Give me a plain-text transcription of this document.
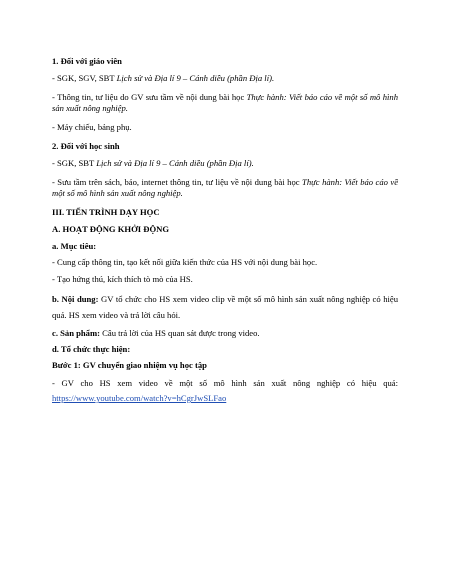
1. Đối với giáo viên

- SGK, SGV, SBT Lịch sử và Địa lí 9 – Cánh diều (phần Địa lí).

- Thông tin, tư liệu do GV sưu tầm về nội dung bài học Thực hành: Viết báo cáo về một số mô hình sản xuất nông nghiệp.

- Máy chiếu, bảng phụ.

2. Đối với học sinh

- SGK, SBT Lịch sử và Địa lí 9 – Cánh diều (phần Địa lí).

- Sưu tầm trên sách, báo, internet thông tin, tư liệu về nội dung bài học Thực hành: Viết báo cáo về một số mô hình sản xuất nông nghiệp.

III. TIẾN TRÌNH DẠY HỌC

A. HOẠT ĐỘNG KHỞI ĐỘNG

a. Mục tiêu:

- Cung cấp thông tin, tạo kết nối giữa kiến thức của HS với nội dung bài học.

- Tạo hứng thú, kích thích tò mò của HS.

b. Nội dung: GV tổ chức cho HS xem video clip về một số mô hình sản xuất nông nghiệp có hiệu quả. HS xem video và trả lời câu hỏi.

c. Sản phẩm: Câu trả lời của HS quan sát được trong video.

d. Tổ chức thực hiện:

Bước 1: GV chuyển giao nhiệm vụ học tập

- GV cho HS xem video về một số mô hình sản xuất nông nghiệp có hiệu quả: https://www.youtube.com/watch?v=hCgrJwSLFao
